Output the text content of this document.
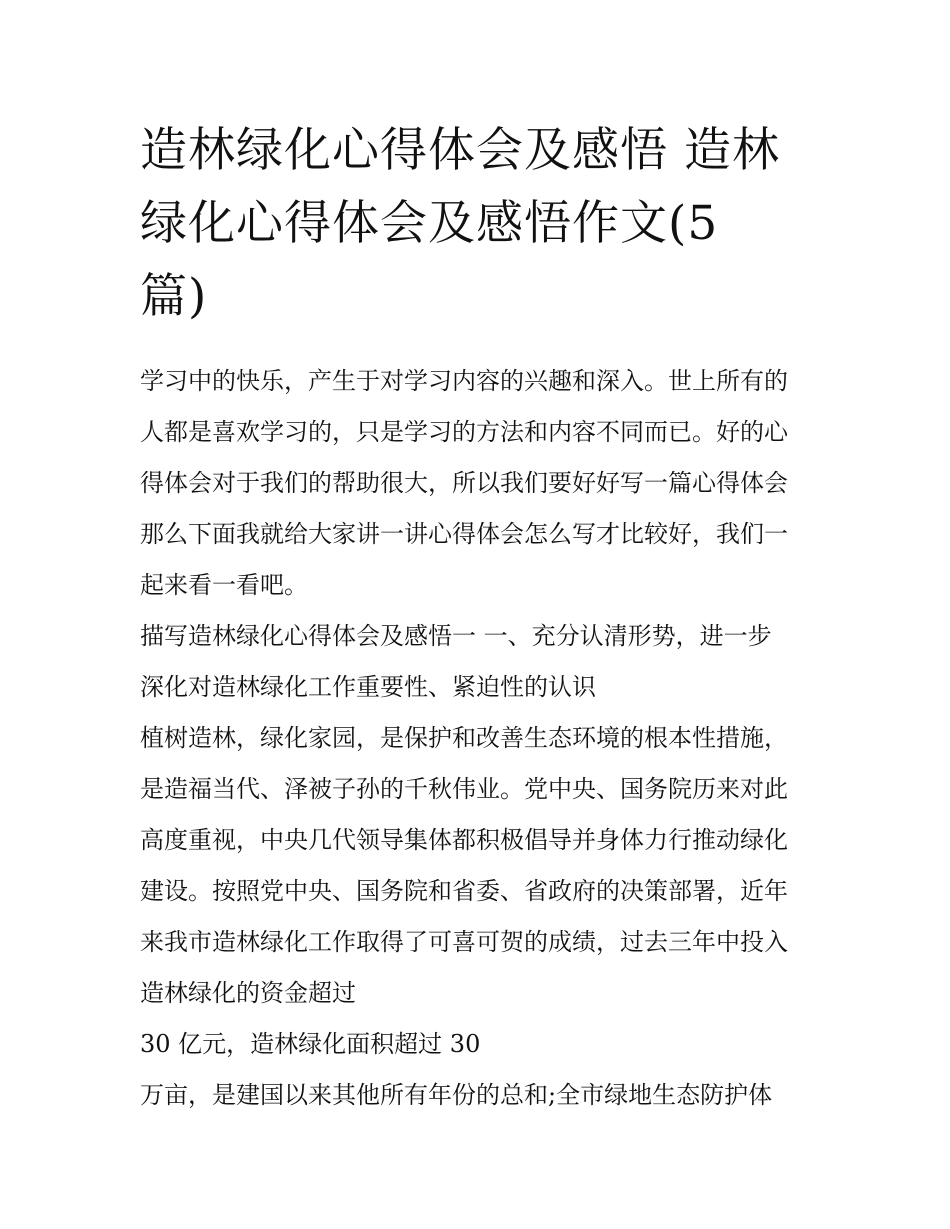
造林绿化心得体会及感悟 造林
绿化心得体会及感悟作文(5
篇)

学习中的快乐，产生于对学习内容的兴趣和深入。世上所有的

人都是喜欢学习的，只是学习的方法和内容不同而已。好的心

得体会对于我们的帮助很大，所以我们要好好写一篇心得体会

那么下面我就给大家讲一讲心得体会怎么写才比较好，我们一

起来看一看吧。

描写造林绿化心得体会及感悟一 一、充分认清形势，进一步

深化对造林绿化工作重要性、紧迫性的认识

植树造林，绿化家园，是保护和改善生态环境的根本性措施，

是造福当代、泽被子孙的千秋伟业。党中央、国务院历来对此

高度重视，中央几代领导集体都积极倡导并身体力行推动绿化

建设。按照党中央、国务院和省委、省政府的决策部署，近年

来我市造林绿化工作取得了可喜可贺的成绩，过去三年中投入

造林绿化的资金超过

30 亿元，造林绿化面积超过 30

万亩，是建国以来其他所有年份的总和;全市绿地生态防护体
